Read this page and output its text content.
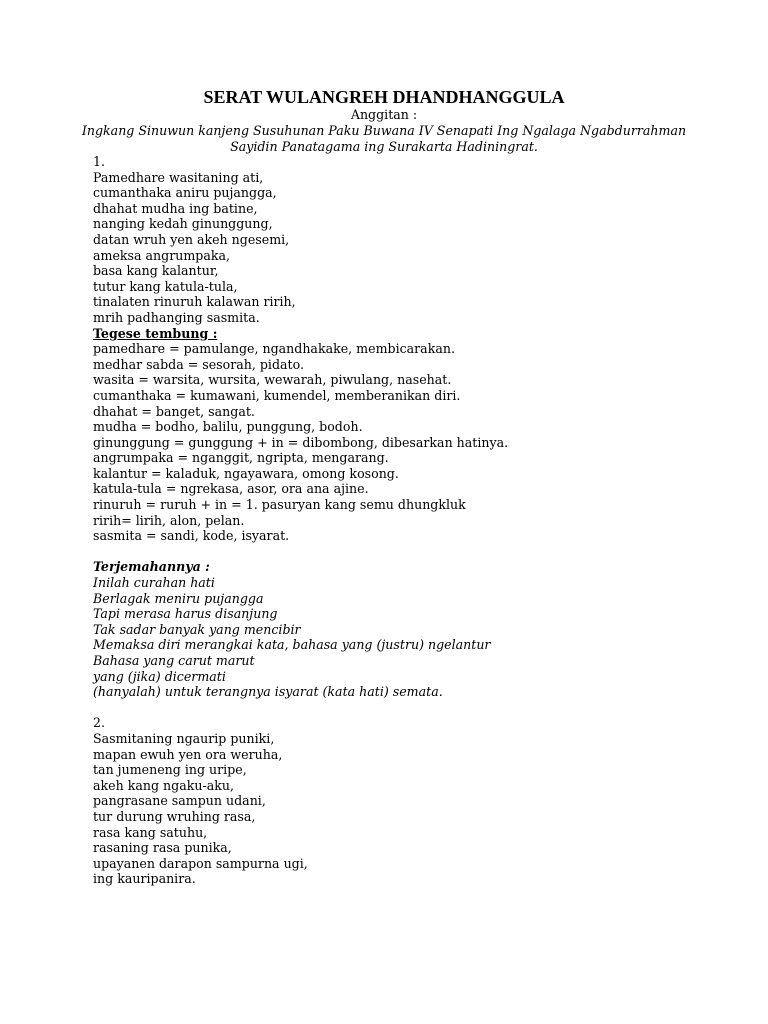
SERAT WULANGREH DHANDHANGGULA

Anggitan :

Ingkang Sinuwun kanjeng Susuhunan Paku Buwana IV Senapati Ing Ngalaga Ngabdurrahman

Sayidin Panatagama ing Surakarta Hadiningrat.

1.
Pamedhare wasitaning ati,
cumanthaka aniru pujangga,
dhahat mudha ing batine,
nanging kedah ginunggung,
datan wruh yen akeh ngesemi,
ameksa angrumpaka,
basa kang kalantur,
tutur kang katula-tula,
tinalaten rinuruh kalawan ririh,
mrih padhanging sasmita.
Tegese tembung :
pamedhare = pamulange, ngandhakake, membicarakan.
medhar sabda = sesorah, pidato.
wasita = warsita, wursita, wewarah, piwulang, nasehat.
cumanthaka = kumawani, kumendel, memberanikan diri.
dhahat = banget, sangat.
mudha = bodho, balilu, punggung, bodoh.
ginunggung = gunggung + in = dibombong, dibesarkan hatinya.
angrumpaka = nganggit, ngripta, mengarang.
kalantur = kaladuk, ngayawara, omong kosong.
katula-tula = ngrekasa, asor, ora ana ajine.
rinuruh = ruruh + in = 1. pasuryan kang semu dhungkluk
ririh= lirih, alon, pelan.
sasmita = sandi, kode, isyarat.
Terjemahannya :
Inilah curahan hati
Berlagak meniru pujangga
Tapi merasa harus disanjung
Tak sadar banyak yang mencibir
Memaksa diri merangkai kata, bahasa yang (justru) ngelantur
Bahasa yang carut marut
yang (jika) dicermati
(hanyalah) untuk terangnya isyarat (kata hati) semata.
2.
Sasmitaning ngaurip puniki,
mapan ewuh yen ora weruha,
tan jumeneng ing uripe,
akeh kang ngaku-aku,
pangrasane sampun udani,
tur durung wruhing rasa,
rasa kang satuhu,
rasaning rasa punika,
upayanen darapon sampurna ugi,
ing kauripanira.
